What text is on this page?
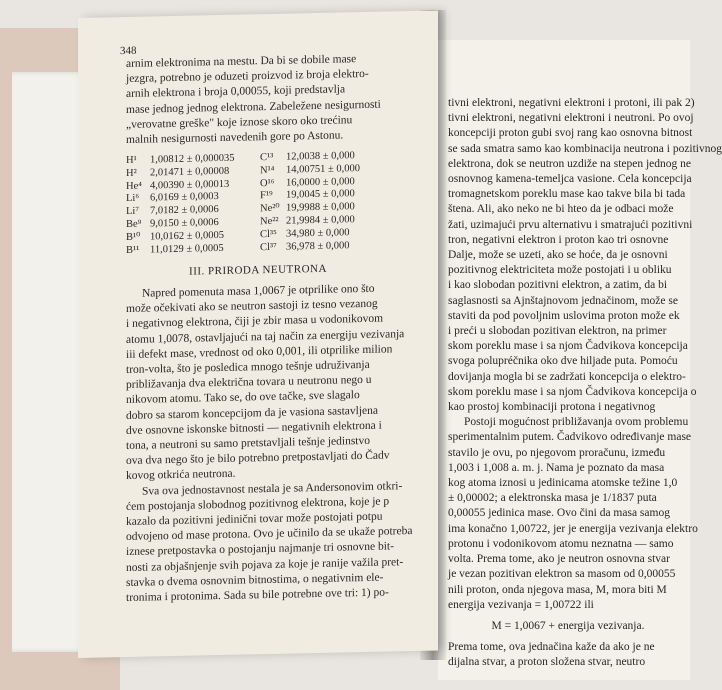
tivni elektroni, negativni elektroni i protoni, ili pak 2)

tivni elektroni, negativni elektroni i neutroni. Po ovoj

koncepciji proton gubi svoj rang kao osnovna bitnost

se sada smatra samo kao kombinacija neutrona i pozitivnog

elektrona, dok se neutron uzdiže na stepen jednog ne

osnovnog kamena-temeljca vasione. Cela koncepcija

tromagnetskom poreklu mase kao takve bila bi tada

štena. Ali, ako neko ne bi hteo da je odbaci može

žati, uzimajući prvu alternativu i smatrajući pozitivni

tron, negativni elektron i proton kao tri osnovne

Dalje, može se uzeti, ako se hoće, da je osnovni

pozitivnog elektriciteta može postojati i u obliku

i kao slobodan pozitivni elektron, a zatim, da bi

saglasnosti sa Ajnštajnovom jednačinom, može se

staviti da pod povoljnim uslovima proton može ek

i preći u slobodan pozitivan elektron, na primer

skom poreklu mase i sa njom Čadvikova koncepcija

svoga polupréčnika oko dve hiljade puta. Pomoću

dovijanja mogla bi se zadržati koncepcija o elektro-

skom poreklu mase i sa njom Čadvikova koncepcija o

kao prostoj kombinaciji protona i negativnog

Postoji mogućnost približavanja ovom problemu

sperimentalnim putem. Čadvikovo određivanje mase

stavilo je ovu, po njegovom proračunu, između

1,003 i 1,008 a. m. j. Nama je poznato da masa

kog atoma iznosi u jedinicama atomske težine 1,0

± 0,00002; a elektronska masa je 1/1837 puta

0,00055 jedinica mase. Ovo čini da masa samog

ima konačno 1,00722, jer je energija vezivanja elektro

protonu i vodonikovom atomu neznatna — samo

volta. Prema tome, ako je neutron osnovna stvar

je vezan pozitivan elektron sa masom od 0,00055

nili proton, onda njegova masa, M, mora biti M

energija vezivanja = 1,00722 ili

M = 1,0067 + energija vezivanja.

Prema tome, ova jednačina kaže da ako je ne

dijalna stvar, a proton složena stvar, neutro

348

arnim elektronima na mestu. Da bi se dobile mase

jezgra, potrebno je oduzeti proizvod iz broja elektro-

arnih elektrona i broja 0,00055, koji predstavlja

mase jednog jednog elektrona. Zabeležene nesigurnosti

„verovatne greške" koje iznose skoro oko trećinu

malnih nesigurnosti navedenih gore po Astonu.

H¹	1,00812 ± 0,000035	C¹³	12,0038 ± 0,000
H²	2,01471 ± 0,00008	N¹⁴	14,00751 ± 0,000
He⁴ 4,00390 ± 0,00013	O¹⁶	16,0000 ± 0,000
Li⁶	6,0169 ± 0,0003	F¹⁹	19,0045 ± 0,000
Li⁷	7,0182 ± 0,0006	Ne²⁰ 19,9988 ± 0,000
Be⁹ 9,0150 ± 0,0006	Ne²² 21,9984 ± 0,000
B¹⁰ 10,0162 ± 0,0005	Cl³⁵ 34,980 ± 0,000
B¹¹	11,0129 ± 0,0005	Cl³⁷ 36,978 ± 0,000
III. PRIRODA NEUTRONA

Napred pomenuta masa 1,0067 je otprilike ono što

može očekivati ako se neutron sastoji iz tesno vezanog

i negativnog elektrona, čiji je zbir masa u vodonikovom

atomu 1,0078, ostavljajući na taj način za energiju vezivanja

iii defekt mase, vrednost od oko 0,001, ili otprilike milion

tron-volta, što je posledica mnogo tešnje udruživanja

približavanja dva električna tovara u neutronu nego u

nikovom atomu. Tako se, do ove tačke, sve slagalo

dobro sa starom koncepcijom da je vasiona sastavljena

dve osnovne iskonske bitnosti — negativnih elektrona i

tona, a neutroni su samo pretstavljali tešnje jedinstvo

ova dva nego što je bilo potrebno pretpostavljati do Čadv

kovog otkrića neutrona.

Sva ova jednostavnost nestala je sa Andersonovim otkri-

ćem postojanja slobodnog pozitivnog elektrona, koje je p

kazalo da pozitivni jedinični tovar može postojati potpu

odvojeno od mase protona. Ovo je učinilo da se ukaže potreba

iznese pretpostavka o postojanju najmanje tri osnovne bit-

nosti za objašnjenje svih pojava za koje je ranije važila pret-

stavka o dvema osnovnim bitnostima, o negativnim ele-

tronima i protonima. Sada su bile potrebne ove tri: 1) po-
